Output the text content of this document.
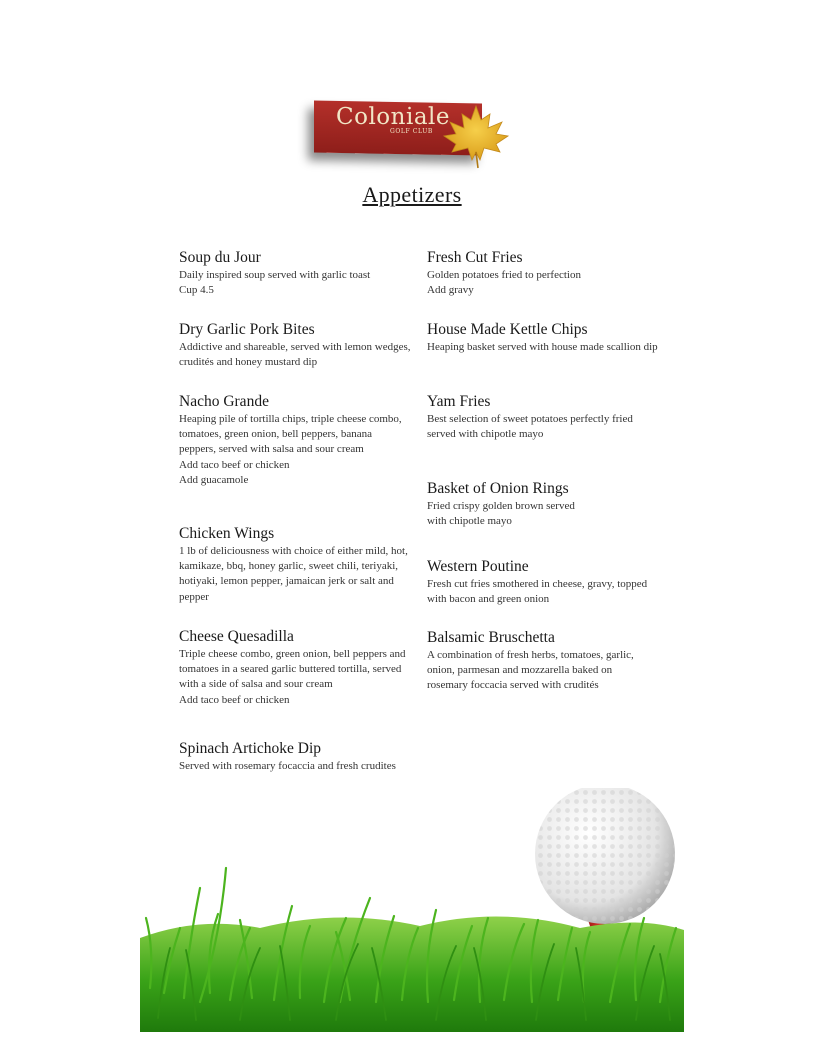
Coloniale
GOLF CLUB
Appetizers
Soup du Jour
Daily inspired soup served with garlic toast
Cup 4.5
Dry Garlic Pork Bites
Addictive and shareable, served with lemon wedges, crudités and honey mustard dip
Nacho Grande
Heaping pile of tortilla chips, triple cheese combo, tomatoes, green onion, bell peppers, banana peppers, served with salsa and sour cream
Add taco beef or chicken
Add guacamole
Chicken Wings
1 lb of deliciousness with choice of either mild, hot, kamikaze, bbq, honey garlic, sweet chili, teriyaki, hotiyaki, lemon pepper, jamaican jerk or salt and pepper
Cheese Quesadilla
Triple cheese combo, green onion, bell peppers and tomatoes in a seared garlic buttered tortilla, served with a side of salsa and sour cream
Add taco beef or chicken
Spinach Artichoke Dip
Served with rosemary focaccia and fresh crudites
Fresh Cut Fries
Golden potatoes fried to perfection
Add gravy
House Made Kettle Chips
Heaping basket served with house made scallion dip
Yam Fries
Best selection of sweet potatoes perfectly fried served with chipotle mayo
Basket of Onion Rings
Fried crispy golden brown served
with chipotle mayo
Western Poutine
Fresh cut fries smothered in cheese, gravy, topped with bacon and green onion
Balsamic Bruschetta
A combination of fresh herbs, tomatoes, garlic, onion, parmesan and mozzarella baked on rosemary foccacia served with crudités
